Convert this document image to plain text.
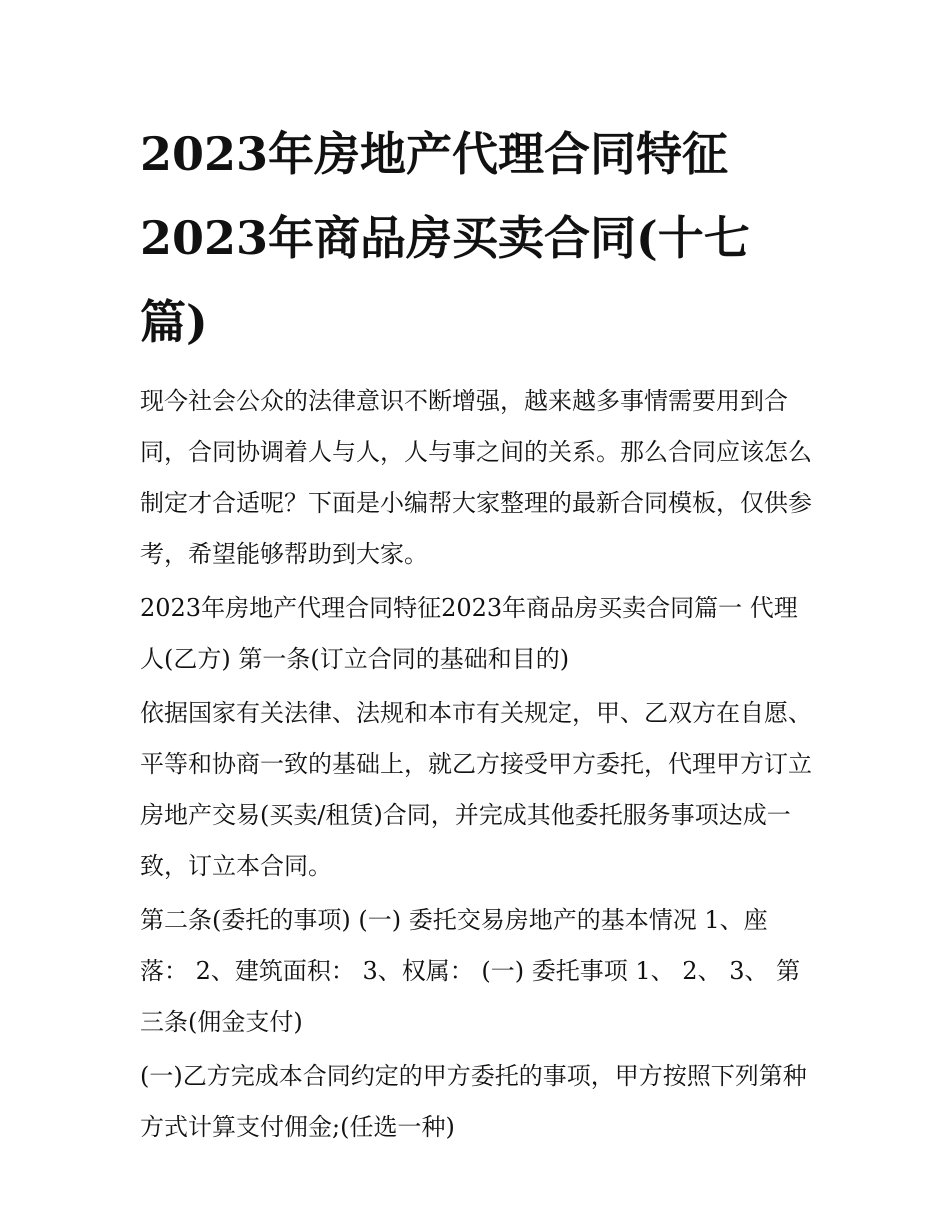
2023年房地产代理合同特征2023年商品房买卖合同(十七篇)

现今社会公众的法律意识不断增强，越来越多事情需要用到合同，合同协调着人与人，人与事之间的关系。那么合同应该怎么制定才合适呢？下面是小编帮大家整理的最新合同模板，仅供参考，希望能够帮助到大家。

2023年房地产代理合同特征2023年商品房买卖合同篇一 代理人(乙方) 第一条(订立合同的基础和目的)

依据国家有关法律、法规和本市有关规定，甲、乙双方在自愿、平等和协商一致的基础上，就乙方接受甲方委托，代理甲方订立房地产交易(买卖/租赁)合同，并完成其他委托服务事项达成一致，订立本合同。

第二条(委托的事项) (一) 委托交易房地产的基本情况 1、座落： 2、建筑面积： 3、权属： (一) 委托事项 1、 2、 3、 第三条(佣金支付)

(一)乙方完成本合同约定的甲方委托的事项，甲方按照下列第种方式计算支付佣金;(任选一种)
